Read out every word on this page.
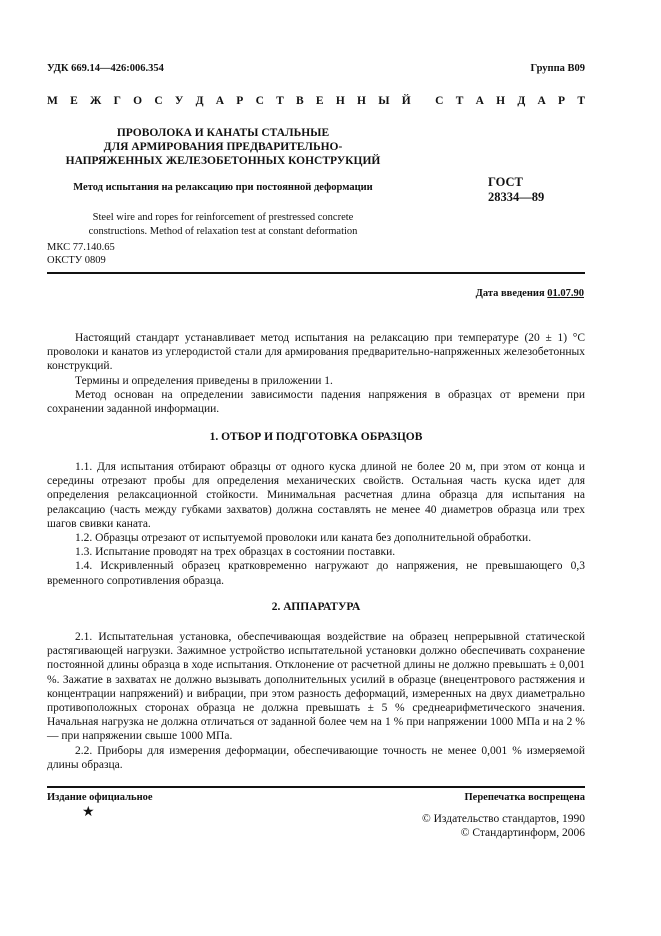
УДК 669.14—426:006.354	Группа В09
М Е Ж Г О С У Д А Р С Т В Е Н Н Ы Й С Т А Н Д А Р Т
ПРОВОЛОКА И КАНАТЫ СТАЛЬНЫЕ
ДЛЯ АРМИРОВАНИЯ ПРЕДВАРИТЕЛЬНО-
НАПРЯЖЕННЫХ ЖЕЛЕЗОБЕТОННЫХ КОНСТРУКЦИЙ
Метод испытания на релаксацию при постоянной деформации	ГОСТ
28334—89
Steel wire and ropes for reinforcement of prestressed concrete
constructions. Method of relaxation test at constant deformation
МКС 77.140.65
ОКСТУ 0809
Дата введения 01.07.90

Настоящий стандарт устанавливает метод испытания на релаксацию при температуре (20 ± 1) °С проволоки и канатов из углеродистой стали для армирования предварительно-напряженных железобетонных конструкций.

Термины и определения приведены в приложении 1.

Метод основан на определении зависимости падения напряжения в образцах от времени при сохранении заданной информации.

1. ОТБОР И ПОДГОТОВКА ОБРАЗЦОВ

1.1. Для испытания отбирают образцы от одного куска длиной не более 20 м, при этом от конца и середины отрезают пробы для определения механических свойств. Остальная часть куска идет для определения релаксационной стойкости. Минимальная расчетная длина образца для испытания на релаксацию (часть между губками захватов) должна составлять не менее 40 диаметров образца или трех шагов свивки каната.

1.2. Образцы отрезают от испытуемой проволоки или каната без дополнительной обработки.

1.3. Испытание проводят на трех образцах в состоянии поставки.

1.4. Искривленный образец кратковременно нагружают до напряжения, не превышающего 0,3 временного сопротивления образца.

2. АППАРАТУРА

2.1. Испытательная установка, обеспечивающая воздействие на образец непрерывной статической растягивающей нагрузки. Зажимное устройство испытательной установки должно обеспечивать сохранение постоянной длины образца в ходе испытания. Отклонение от расчетной длины не должно превышать ± 0,001 %. Зажатие в захватах не должно вызывать дополнительных усилий в образце (внецентрового растяжения и концентрации напряжений) и вибрации, при этом разность деформаций, измеренных на двух диаметрально противоположных сторонах образца не должна превышать ± 5 % среднеарифметического значения. Начальная нагрузка не должна отличаться от заданной более чем на 1 % при напряжении 1000 МПа и на 2 % — при напряжении свыше 1000 МПа.

2.2. Приборы для измерения деформации, обеспечивающие точность не менее 0,001 % измеряемой длины образца.

Издание официальное	Перепечатка воспрещена
★	© Издательство стандартов, 1990
© Стандартинформ, 2006
